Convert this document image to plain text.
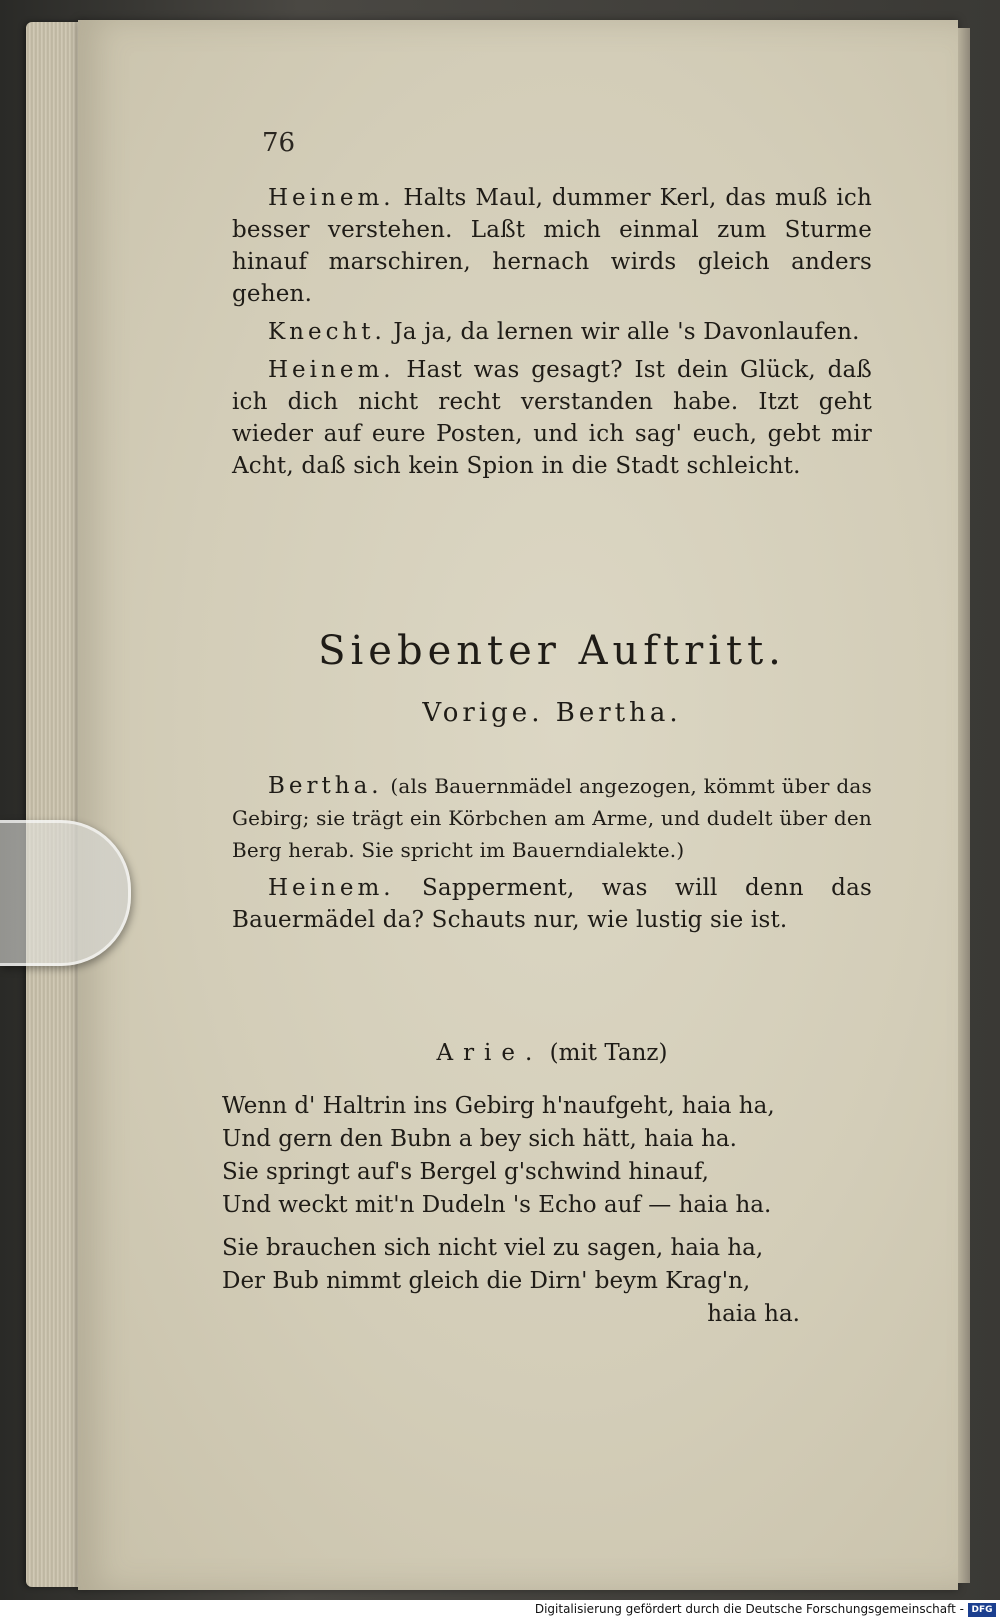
76

Heinem. Halts Maul, dummer Kerl, das muß ich besser verstehen. Laßt mich einmal zum Sturme hinauf marschiren, hernach wirds gleich anders gehen.

Knecht. Ja ja, da lernen wir alle 's Davonlaufen.

Heinem. Hast was gesagt? Ist dein Glück, daß ich dich nicht recht verstanden habe. Itzt geht wieder auf eure Posten, und ich sag' euch, gebt mir Acht, daß sich kein Spion in die Stadt schleicht.

Siebenter Auftritt.
Vorige. Bertha.

Bertha. (als Bauernmädel angezogen, kömmt über das Gebirg; sie trägt ein Körbchen am Arme, und dudelt über den Berg herab. Sie spricht im Bauerndialekte.)

Heinem. Sapperment, was will denn das Bauermädel da? Schauts nur, wie lustig sie ist.

Arie. (mit Tanz)
Wenn d' Haltrin ins Gebirg h'naufgeht, haia ha,
Und gern den Bubn a bey sich hätt, haia ha.
Sie springt auf's Bergel g'schwind hinauf,
Und weckt mit'n Dudeln 's Echo auf — haia ha.
Sie brauchen sich nicht viel zu sagen, haia ha,
Der Bub nimmt gleich die Dirn' beym Krag'n,
haia ha.
Digitalisierung gefördert durch die Deutsche Forschungsgemeinschaft - DFG
